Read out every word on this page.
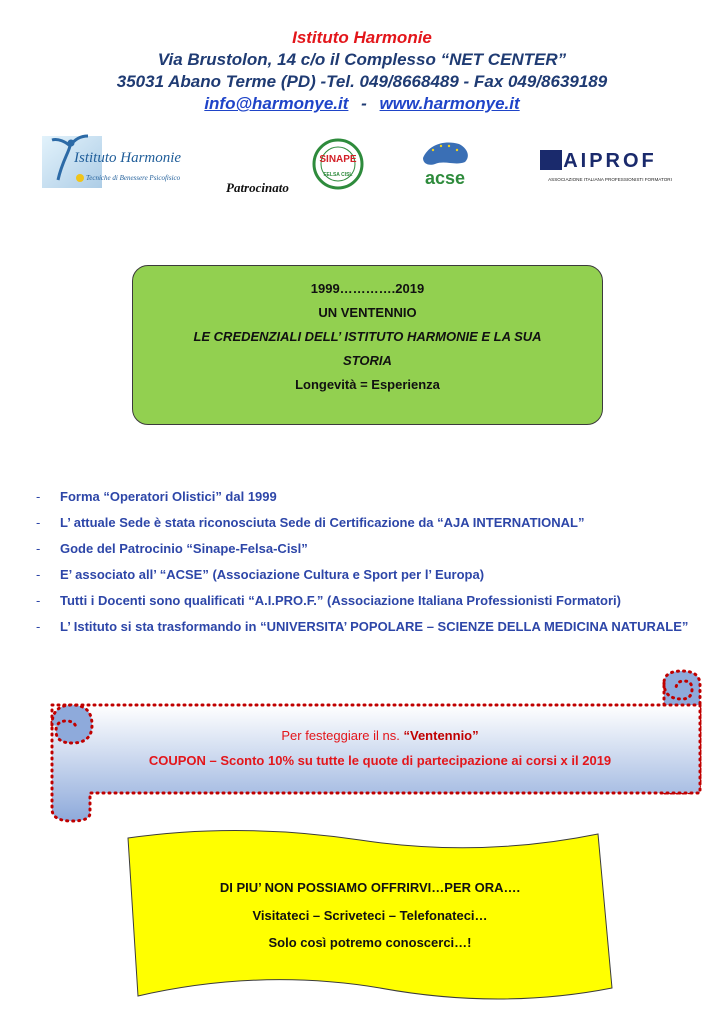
Istituto Harmonie
Via Brustolon, 14 c/o il Complesso “NET CENTER”
35031 Abano Terme (PD) -Tel. 049/8668489 - Fax 049/8639189
info@harmonye.it - www.harmonye.it
Istituto Harmonie
Tecniche di Benessere Psicofisico
Patrocinato
SINAPE
FELSA CISL	acse
AIPROF
ASSOCIAZIONE ITALIANA PROFESSIONISTI FORMATORI
1999………….2019
UN VENTENNIO
LE CREDENZIALI DELL’ ISTITUTO HARMONIE E LA SUA
STORIA
Longevità = Esperienza
- Forma “Operatori Olistici” dal 1999
- L’ attuale Sede è stata riconosciuta Sede di Certificazione da “AJA INTERNATIONAL”
- Gode del Patrocinio “Sinape-Felsa-Cisl”
- E’ associato all’ “ACSE” (Associazione Cultura e Sport per l’ Europa)
- Tutti i Docenti sono qualificati “A.I.PRO.F.” (Associazione Italiana Professionisti Formatori)
- L’ Istituto si sta trasformando in “UNIVERSITA’ POPOLARE – SCIENZE DELLA MEDICINA NATURALE”
Per festeggiare il ns. “Ventennio”
COUPON – Sconto 10% su tutte le quote di partecipazione ai corsi x il 2019
DI PIU’ NON POSSIAMO OFFRIRVI…PER ORA….
Visitateci – Scriveteci – Telefonateci…
Solo così potremo conoscerci…!
